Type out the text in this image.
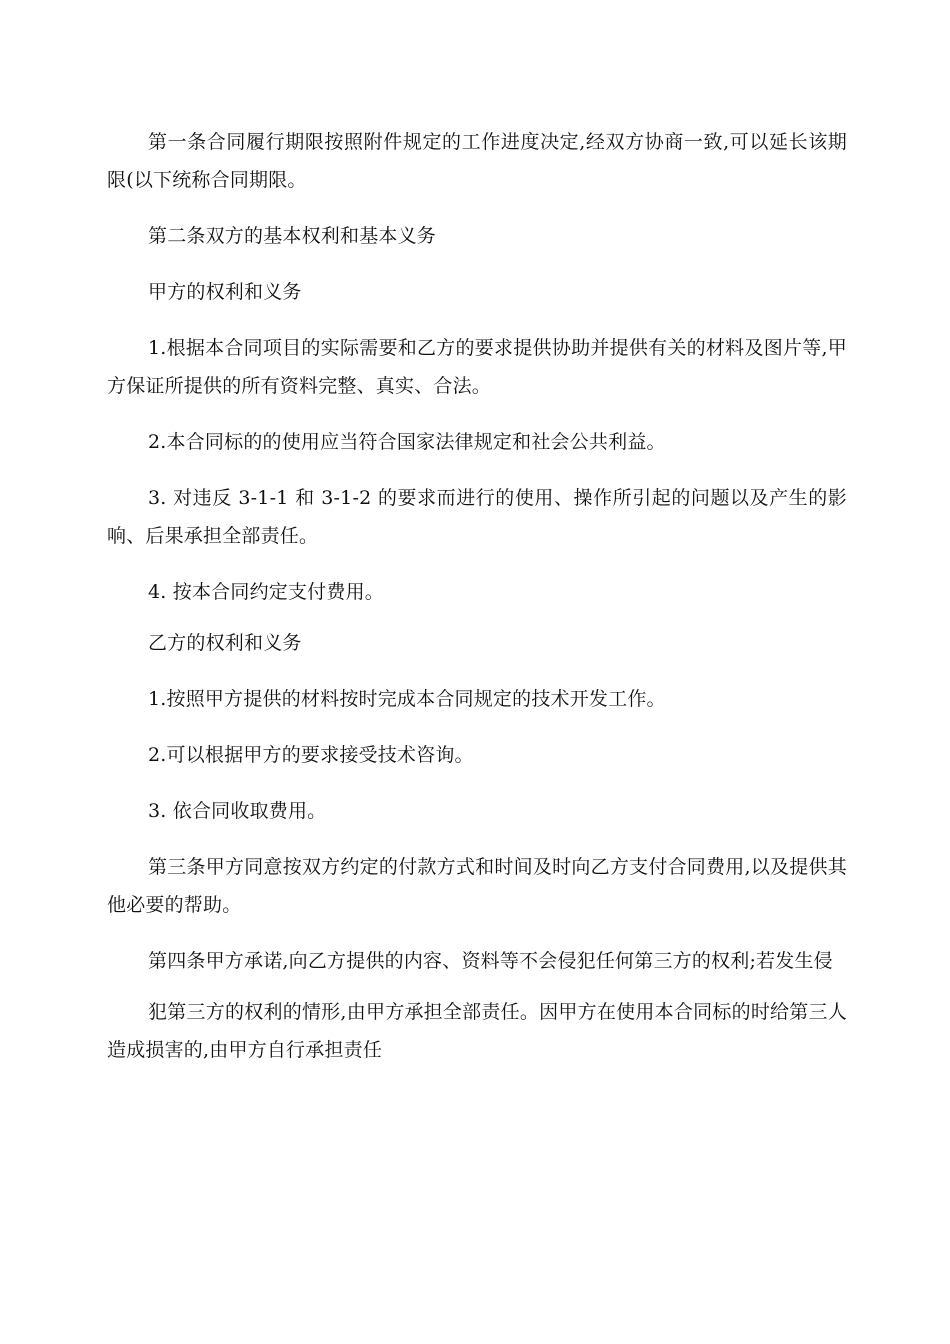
第一条合同履行期限按照附件规定的工作进度决定,经双方协商一致,可以延长该期限(以下统称合同期限。

第二条双方的基本权利和基本义务

甲方的权利和义务

1.根据本合同项目的实际需要和乙方的要求提供协助并提供有关的材料及图片等,甲方保证所提供的所有资料完整、真实、合法。

2.本合同标的的使用应当符合国家法律规定和社会公共利益。

3. 对违反 3-1-1 和 3-1-2 的要求而进行的使用、操作所引起的问题以及产生的影响、后果承担全部责任。

4. 按本合同约定支付费用。

乙方的权利和义务

1.按照甲方提供的材料按时完成本合同规定的技术开发工作。

2.可以根据甲方的要求接受技术咨询。

3. 依合同收取费用。

第三条甲方同意按双方约定的付款方式和时间及时向乙方支付合同费用,以及提供其他必要的帮助。

第四条甲方承诺,向乙方提供的内容、资料等不会侵犯任何第三方的权利;若发生侵

犯第三方的权利的情形,由甲方承担全部责任。因甲方在使用本合同标的时给第三人造成损害的,由甲方自行承担责任
